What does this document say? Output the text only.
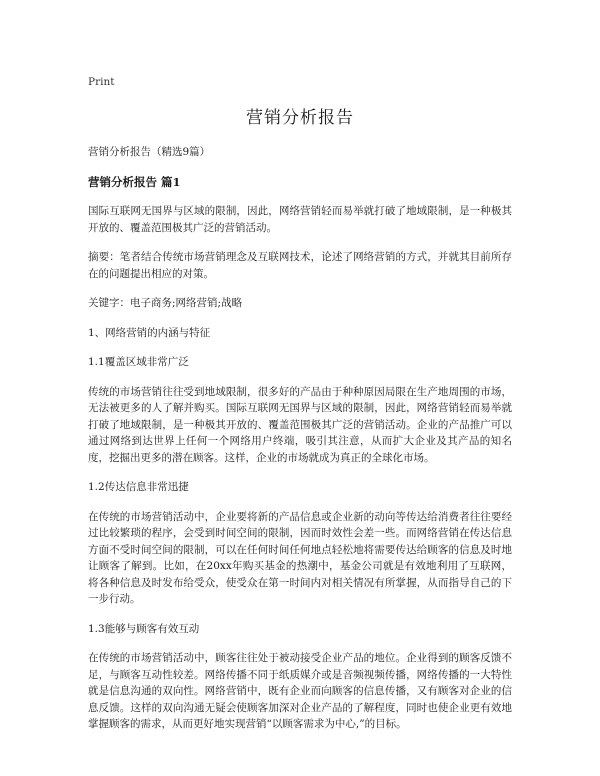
Print
营销分析报告
营销分析报告（精选9篇）
营销分析报告 篇1

国际互联网无国界与区域的限制，因此，网络营销轻而易举就打破了地域限制，是一种极其开放的、覆盖范围极其广泛的营销活动。

摘要：笔者结合传统市场营销理念及互联网技术，论述了网络营销的方式，并就其目前所存在的问题提出相应的对策。

关键字：电子商务;网络营销;战略

1、网络营销的内涵与特征

1.1覆盖区域非常广泛

传统的市场营销往往受到地域限制，很多好的产品由于种种原因局限在生产地周围的市场，无法被更多的人了解并购买。国际互联网无国界与区域的限制，因此，网络营销轻而易举就打破了地域限制，是一种极其开放的、覆盖范围极其广泛的营销活动。企业的产品推广可以通过网络到达世界上任何一个网络用户终端，吸引其注意，从而扩大企业及其产品的知名度，挖掘出更多的潜在顾客。这样，企业的市场就成为真正的全球化市场。

1.2传达信息非常迅捷

在传统的市场营销活动中，企业要将新的产品信息或企业新的动向等传达给消费者往往要经过比较繁琐的程序，会受到时间空间的限制，因而时效性会差一些。而网络营销在传达信息方面不受时间空间的限制，可以在任何时间任何地点轻松地将需要传达给顾客的信息及时地让顾客了解到。比如，在20xx年购买基金的热潮中，基金公司就是有效地利用了互联网，将各种信息及时发布给受众，使受众在第一时间内对相关情况有所掌握，从而指导自己的下一步行动。

1.3能够与顾客有效互动

在传统的市场营销活动中，顾客往往处于被动接受企业产品的地位。企业得到的顾客反馈不足，与顾客互动性较差。网络传播不同于纸质媒介或是音频视频传播，网络传播的一大特性就是信息沟通的双向性。网络营销中，既有企业而向顾客的信息传播，又有顾客对企业的信息反馈。这样的双向沟通无疑会使顾客加深对企业产品的了解程度，同时也使企业更有效地掌握顾客的需求，从而更好地实现营销“以顾客需求为中心,”的目标。
